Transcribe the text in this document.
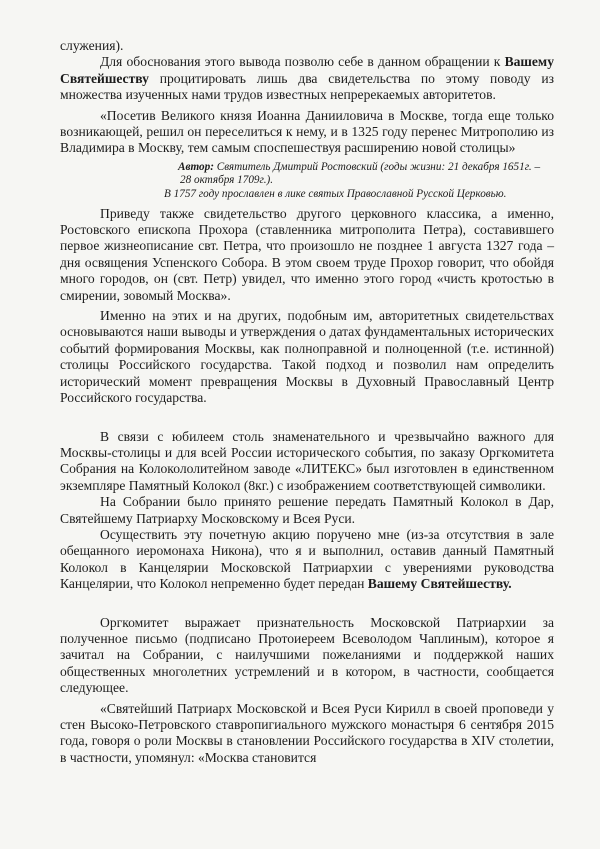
служения).

Для обоснования этого вывода позволю себе в данном обращении к Вашему Святейшеству процитировать лишь два свидетельства по этому поводу из множества изученных нами трудов известных непререкаемых авторитетов.

«Посетив Великого князя Иоанна Данииловича в Москве, тогда еще только возникающей, решил он переселиться к нему, и в 1325 году перенес Митрополию из Владимира в Москву, тем самым споспешествуя расширению новой столицы»

Автор: Святитель Дмитрий Ростовский (годы жизни: 21 декабря 1651г. –
28 октября 1709г.).
В 1757 году прославлен в лике святых Православной Русской Церковью.

Приведу также свидетельство другого церковного классика, а именно, Ростовского епископа Прохора (ставленника митрополита Петра), составившего первое жизнеописание свт. Петра, что произошло не позднее 1 августа 1327 года – дня освящения Успенского Собора. В этом своем труде Прохор говорит, что обойдя много городов, он (свт. Петр) увидел, что именно этого город «чисть кротостью в смирении, зовомый Москва».

Именно на этих и на других, подобным им, авторитетных свидетельствах основываются наши выводы и утверждения о датах фундаментальных исторических событий формирования Москвы, как полноправной и полноценной (т.е. истинной) столицы Российского государства. Такой подход и позволил нам определить исторический момент превращения Москвы в Духовный Православный Центр Российского государства.

В связи с юбилеем столь знаменательного и чрезвычайно важного для Москвы-столицы и для всей России исторического события, по заказу Оргкомитета Собрания на Колокололитейном заводе «ЛИТЕКС» был изготовлен в единственном экземпляре Памятный Колокол (8кг.) с изображением соответствующей символики.

На Собрании было принято решение передать Памятный Колокол в Дар, Святейшему Патриарху Московскому и Всея Руси.

Осуществить эту почетную акцию поручено мне (из-за отсутствия в зале обещанного иеромонаха Никона), что я и выполнил, оставив данный Памятный Колокол в Канцелярии Московской Патриархии с уверениями руководства Канцелярии, что Колокол непременно будет передан Вашему Святейшеству.

Оргкомитет выражает признательность Московской Патриархии за полученное письмо (подписано Протоиереем Всеволодом Чаплиным), которое я зачитал на Собрании, с наилучшими пожеланиями и поддержкой наших общественных многолетних устремлений и в котором, в частности, сообщается следующее.

«Святейший Патриарх Московской и Всея Руси Кирилл в своей проповеди у стен Высоко-Петровского ставропигиального мужского монастыря 6 сентября 2015 года, говоря о роли Москвы в становлении Российского государства в XIV столетии, в частности, упомянул: «Москва становится
